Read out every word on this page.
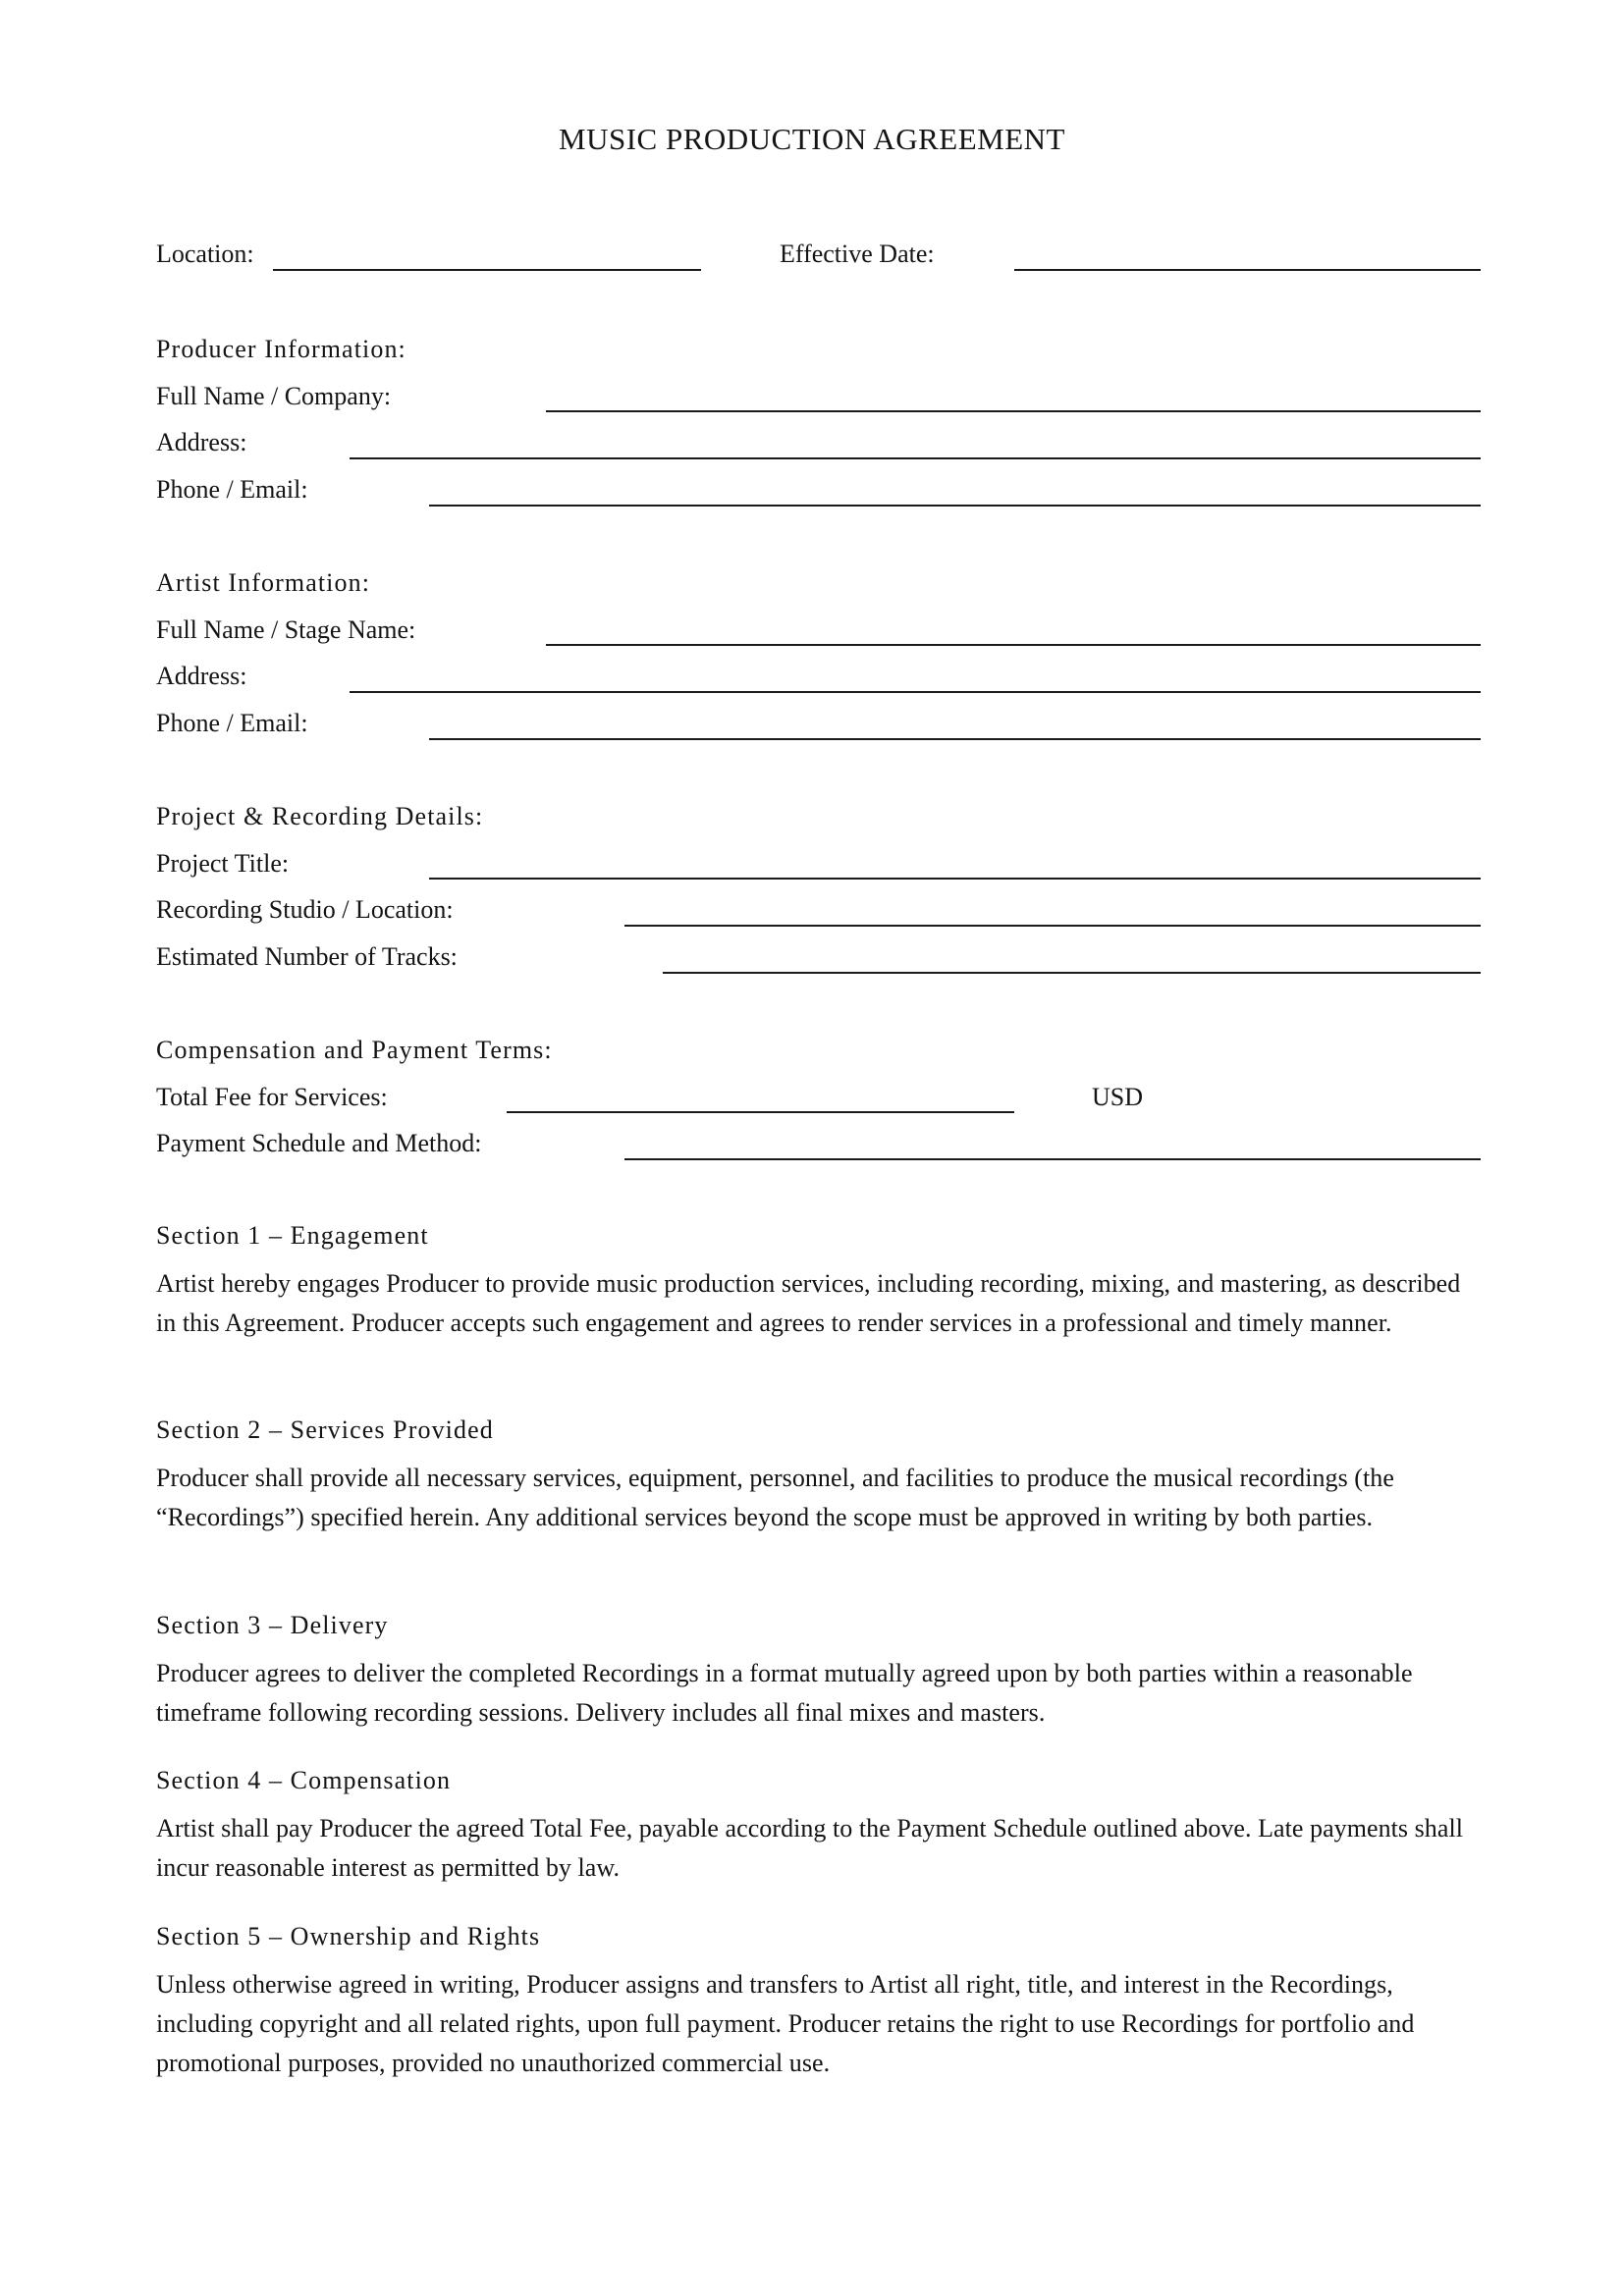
MUSIC PRODUCTION AGREEMENT
Location:	Effective Date:
Producer Information:
Full Name / Company:
Address:
Phone / Email:
Artist Information:
Full Name / Stage Name:
Address:
Phone / Email:
Project & Recording Details:
Project Title:
Recording Studio / Location:
Estimated Number of Tracks:
Compensation and Payment Terms:
Total Fee for Services:	USD
Payment Schedule and Method:
Section 1 – Engagement
Artist hereby engages Producer to provide music production services, including recording, mixing, and mastering, as described in this Agreement. Producer accepts such engagement and agrees to render services in a professional and timely manner.
Section 2 – Services Provided
Producer shall provide all necessary services, equipment, personnel, and facilities to produce the musical recordings (the “Recordings”) specified herein. Any additional services beyond the scope must be approved in writing by both parties.
Section 3 – Delivery
Producer agrees to deliver the completed Recordings in a format mutually agreed upon by both parties within a reasonable timeframe following recording sessions. Delivery includes all final mixes and masters.
Section 4 – Compensation
Artist shall pay Producer the agreed Total Fee, payable according to the Payment Schedule outlined above. Late payments shall incur reasonable interest as permitted by law.
Section 5 – Ownership and Rights
Unless otherwise agreed in writing, Producer assigns and transfers to Artist all right, title, and interest in the Recordings, including copyright and all related rights, upon full payment. Producer retains the right to use Recordings for portfolio and promotional purposes, provided no unauthorized commercial use.
